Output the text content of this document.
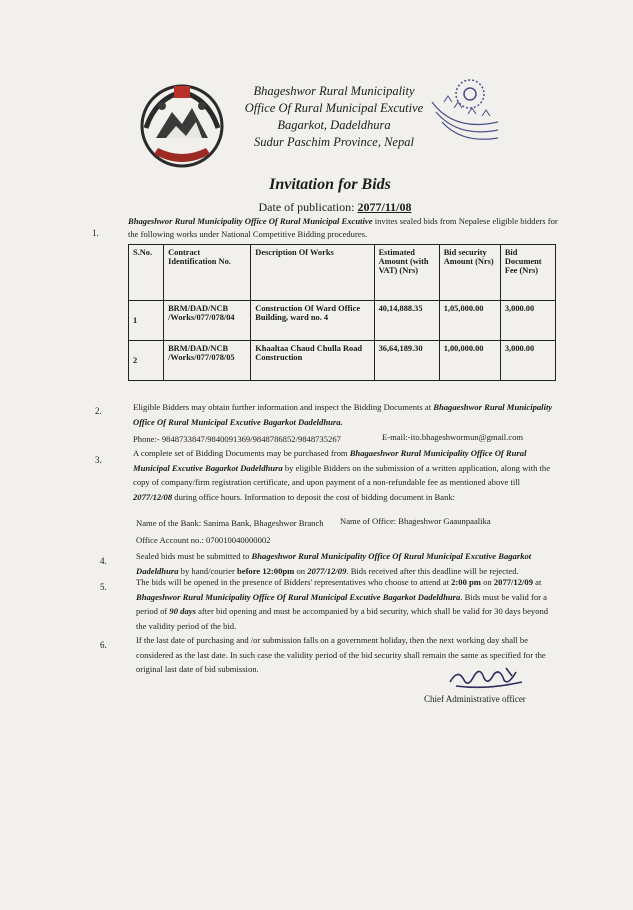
Bhageshwor Rural Municipality
Office Of Rural Municipal Excutive
Bagarkot, Dadeldhura
Sudur Paschim Province, Nepal
Invitation for Bids
Date of publication: 2077/11/08
1.
Bhageshwor Rural Municipality Office Of Rural Municipal Excutive invites sealed bids from Nepalese eligible bidders for the following works under National Competitive Bidding procedures.
S.No.	Contract Identification No.	Description Of Works	Estimated Amount (with VAT) (Nrs)	Bid security Amount (Nrs)	Bid Document Fee (Nrs)
1	BRM/DAD/NCB /Works/077/078/04	Construction Of Ward Office Building, ward no. 4	40,14,888.35	1,05,000.00	3,000.00
2	BRM/DAD/NCB /Works/077/078/05	Khaaltaa Chaud Chulla Road Construction	36,64,189.30	1,00,000.00	3,000.00
2.	Eligible Bidders may obtain further information and inspect the Bidding Documents at Bhagaeshwor Rural Municipality Office Of Rural Municipal Excutive Bagarkot Dadeldhura.
Phone:- 9848733847/9840091369/9848786852/9848735267	E-mail:-ito.bhageshwormun@gmail.com
3.
A complete set of Bidding Documents may be purchased from Bhagaeshwor Rural Municipality Office Of Rural Municipal Excutive Bagarkot Dadeldhura by eligible Bidders on the submission of a written application, along with the copy of company/firm registration certificate, and upon payment of a non-refundable fee as mentioned above till 2077/12/08 during office hours. Information to deposit the cost of bidding document in Bank:
Name of the Bank: Sanima Bank, Bhageshwor Branch Name of Office: Bhageshwor Gaaunpaalika
Office Account no.: 070010040000002
4.	Sealed bids must be submitted to Bhageshwor Rural Municipality Office Of Rural Municipal Excutive Bagarkot Dadeldhura by hand/courier before 12:00pm on 2077/12/09. Bids received after this deadline will be rejected.
5.	The bids will be opened in the presence of Bidders' representatives who choose to attend at 2:00 pm on 2077/12/09 at Bhageshwor Rural Municipality Office Of Rural Municipal Excutive Bagarkot Dadeldhura. Bids must be valid for a period of 90 days after bid opening and must be accompanied by a bid security, which shall be valid for 30 days beyond the validity period of the bid.
6.	If the last date of purchasing and /or submission falls on a government holiday, then the next working day shall be considered as the last date. In such case the validity period of the bid security shall remain the same as specified for the original last date of bid submission.
Chief Administrative officer
